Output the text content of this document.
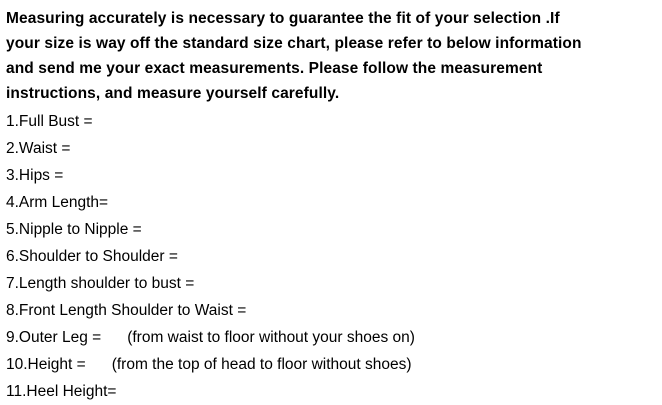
Measuring accurately is necessary to guarantee the fit of your selection .If
your size is way off the standard size chart, please refer to below information
and send me your exact measurements. Please follow the measurement
instructions, and measure yourself carefully.

1.Full Bust =
2.Waist =
3.Hips =
4.Arm Length=
5.Nipple to Nipple =
6.Shoulder to Shoulder =
7.Length shoulder to bust =
8.Front Length Shoulder to Waist =
9.Outer Leg = (from waist to floor without your shoes on)
10.Height = (from the top of head to floor without shoes)
11.Heel Height=
